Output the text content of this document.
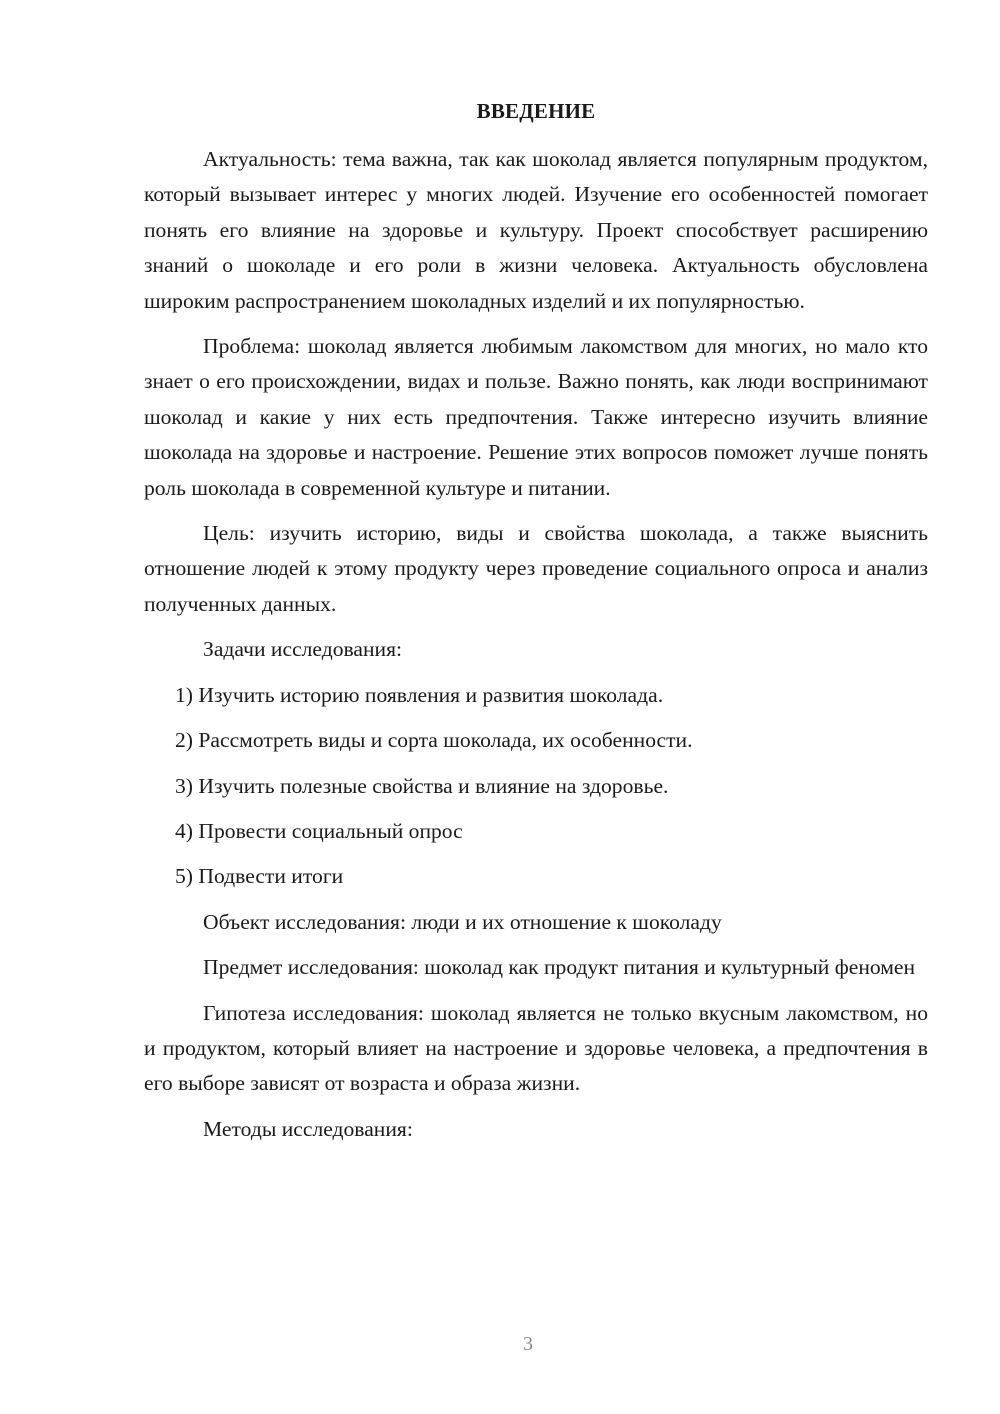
ВВЕДЕНИЕ

Актуальность: тема важна, так как шоколад является популярным продуктом, который вызывает интерес у многих людей. Изучение его особенностей помогает понять его влияние на здоровье и культуру. Проект способствует расширению знаний о шоколаде и его роли в жизни человека. Актуальность обусловлена широким распространением шоколадных изделий и их популярностью.

Проблема: шоколад является любимым лакомством для многих, но мало кто знает о его происхождении, видах и пользе. Важно понять, как люди воспринимают шоколад и какие у них есть предпочтения. Также интересно изучить влияние шоколада на здоровье и настроение. Решение этих вопросов поможет лучше понять роль шоколада в современной культуре и питании.

Цель: изучить историю, виды и свойства шоколада, а также выяснить отношение людей к этому продукту через проведение социального опроса и анализ полученных данных.

Задачи исследования:

1) Изучить историю появления и развития шоколада.
2) Рассмотреть виды и сорта шоколада, их особенности.
3) Изучить полезные свойства и влияние на здоровье.
4) Провести социальный опрос
5) Подвести итоги

Объект исследования: люди и их отношение к шоколаду

Предмет исследования: шоколад как продукт питания и культурный феномен

Гипотеза исследования: шоколад является не только вкусным лакомством, но и продуктом, который влияет на настроение и здоровье человека, а предпочтения в его выборе зависят от возраста и образа жизни.

Методы исследования:

3
